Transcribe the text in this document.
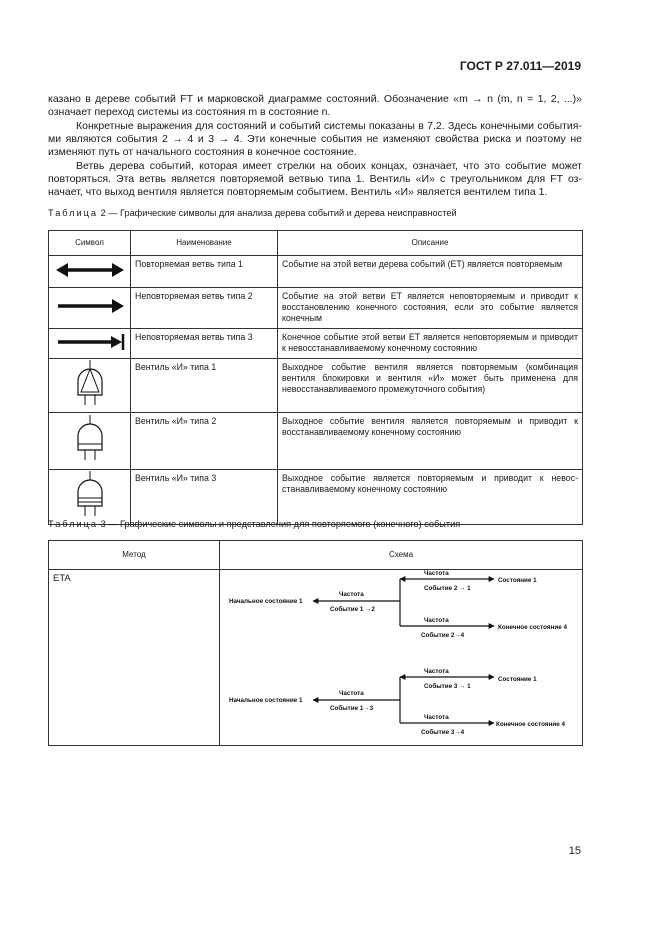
ГОСТ Р 27.011—2019

казано в дереве событий FT и марковской диаграмме состояний. Обозначение «m → n (m, n = 1, 2, ...)» означает переход системы из состояния m в состояние n.

Конкретные выражения для состояний и событий системы показаны в 7.2. Здесь конечными событиями являются события 2 → 4 и 3 → 4. Эти конечные события не изменяют свойства риска и поэтому не изменяют путь от начального состояния в конечное состояние.

Ветвь дерева событий, которая имеет стрелки на обоих концах, означает, что это событие может повторяться. Эта ветвь является повторяемой ветвью типа 1. Вентиль «И» с треугольником для FT означает, что выход вентиля является повторяемым событием. Вентиль «И» является вентилем типа 1.

Таблица 2 — Графические символы для анализа дерева событий и дерева неисправностей
Символ	Наименование	Описание
	Повторяемая ветвь типа 1	Событие на этой ветви дерева событий (ET) является повторяемым
	Неповторяемая ветвь типа 2	Событие на этой ветви ET является неповторяемым и приводит к восстановлению конечного состояния, если это событие является конечным
	Неповторяемая ветвь типа 3	Конечное событие этой ветви ET является неповторяемым и приводит к невосстанавливаемому конечному состоянию
	Вентиль «И» типа 1	Выходное событие вентиля является повторяемым (комбинация вентиля блокировки и вентиля «И» может быть применена для невосстанавливаемого промежуточного события)
	Вентиль «И» типа 2	Выходное событие вентиля является повторяемым и приводит к восстанавливаемому конечному состоянию
	Вентиль «И» типа 3	Выходное событие является повторяемым и приводит к невосстанавливаемому конечному состоянию
Таблица 3 — Графические символы и представления для повторяемого (конечного) события
Метод	Схема
ETA	
Начальное состояние 1
Частота
Событие 1 →2
Частота
Событие 2 → 1
Состояние 1
Частота
Событие 2→4
Конечное состояние 4
Начальное состояние 1
Частота
Событие 1→3
Частота
Событие 3 → 1
Состояние 1
Частота
Событие 3→4
Конечное состояние 4
15
